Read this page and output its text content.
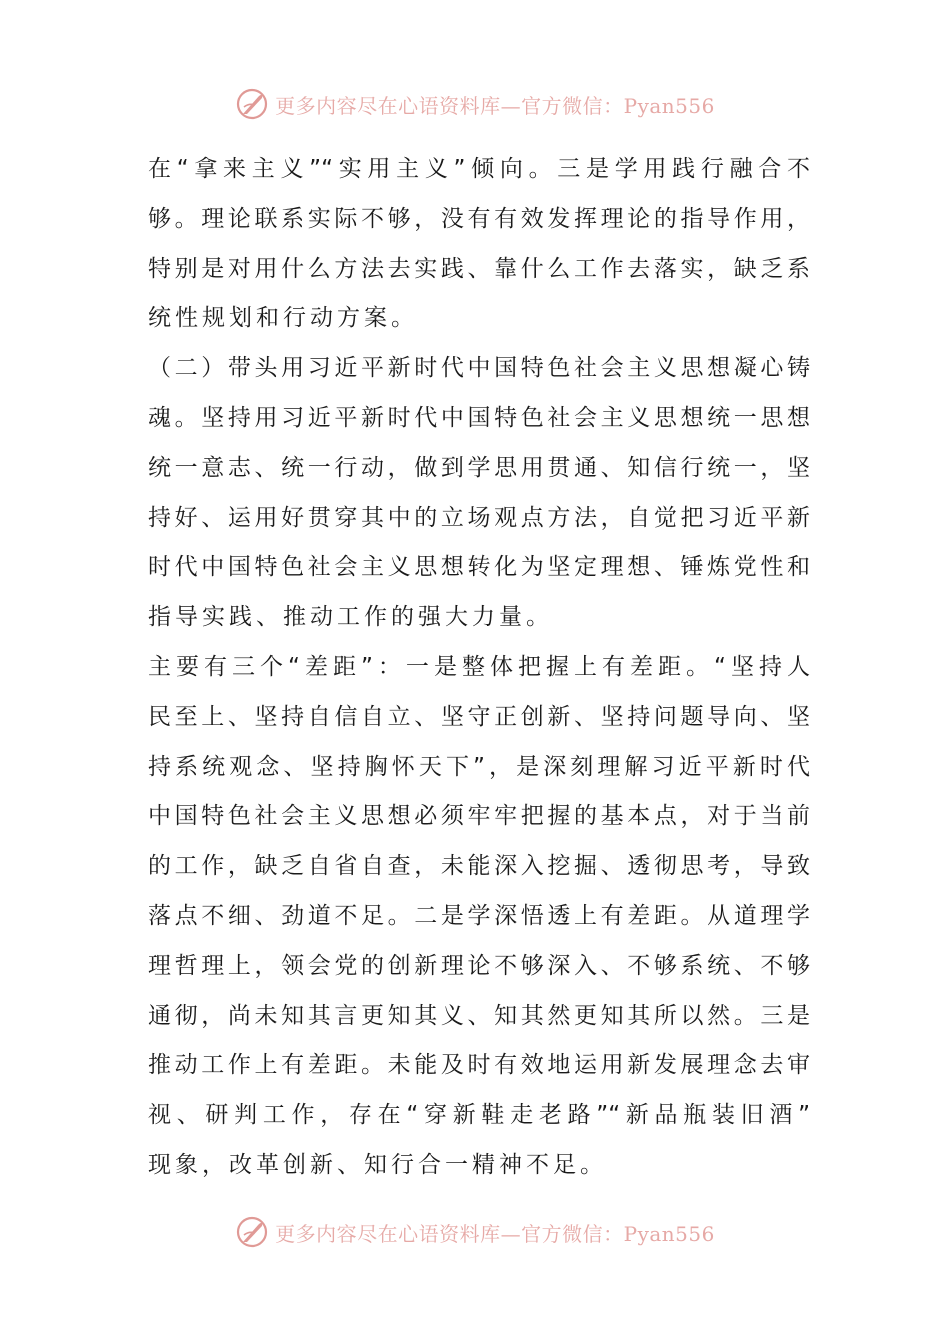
更多内容尽在心语资料库—官方微信：Pyan556
在“拿来主义”“实用主义”倾向。三是学用践行融合不
够。理论联系实际不够，没有有效发挥理论的指导作用，
特别是对用什么方法去实践、靠什么工作去落实，缺乏系
统性规划和行动方案。
（二）带头用习近平新时代中国特色社会主义思想凝心铸
魂。坚持用习近平新时代中国特色社会主义思想统一思想
统一意志、统一行动，做到学思用贯通、知信行统一，坚
持好、运用好贯穿其中的立场观点方法，自觉把习近平新
时代中国特色社会主义思想转化为坚定理想、锤炼党性和
指导实践、推动工作的强大力量。
主要有三个“差距”：一是整体把握上有差距。“坚持人
民至上、坚持自信自立、坚守正创新、坚持问题导向、坚
持系统观念、坚持胸怀天下”，是深刻理解习近平新时代
中国特色社会主义思想必须牢牢把握的基本点，对于当前
的工作，缺乏自省自查，未能深入挖掘、透彻思考，导致
落点不细、劲道不足。二是学深悟透上有差距。从道理学
理哲理上，领会党的创新理论不够深入、不够系统、不够
通彻，尚未知其言更知其义、知其然更知其所以然。三是
推动工作上有差距。未能及时有效地运用新发展理念去审
视、研判工作，存在“穿新鞋走老路”“新品瓶装旧酒”
现象，改革创新、知行合一精神不足。
更多内容尽在心语资料库—官方微信：Pyan556
